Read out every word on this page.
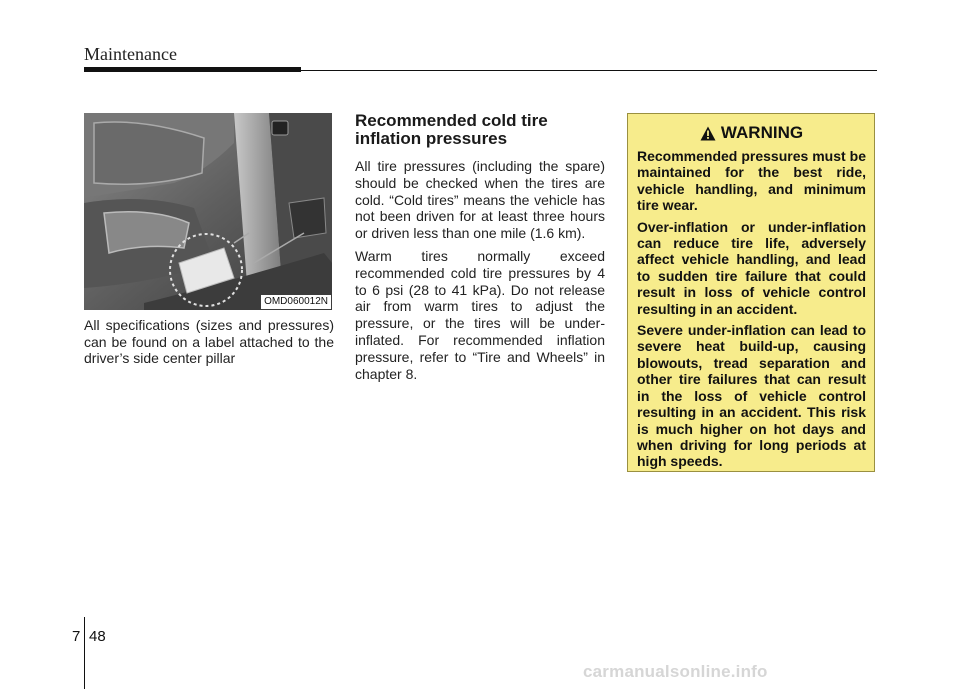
Maintenance
OMD060012N

All specifications (sizes and pressures) can be found on a label attached to the driver’s side center pillar

Recommended cold tire inflation pressures

All tire pressures (including the spare) should be checked when the tires are cold. “Cold tires” means the vehicle has not been driven for at least three hours or driven less than one mile (1.6 km).

Warm tires normally exceed recommended cold tire pressures by 4 to 6 psi (28 to 41 kPa). Do not release air from warm tires to adjust the pressure, or the tires will be under-inflated. For recommended inflation pressure, refer to “Tire and Wheels” in chapter 8.

WARNING

Recommended pressures must be maintained for the best ride, vehicle handling, and minimum tire wear.

Over-inflation or under-inflation can reduce tire life, adversely affect vehicle handling, and lead to sudden tire failure that could result in loss of vehicle control resulting in an accident.

Severe under-inflation can lead to severe heat build-up, causing blowouts, tread separation and other tire failures that can result in the loss of vehicle control resulting in an accident. This risk is much higher on hot days and when driving for long periods at high speeds.

7 48
carmanualsonline.info
